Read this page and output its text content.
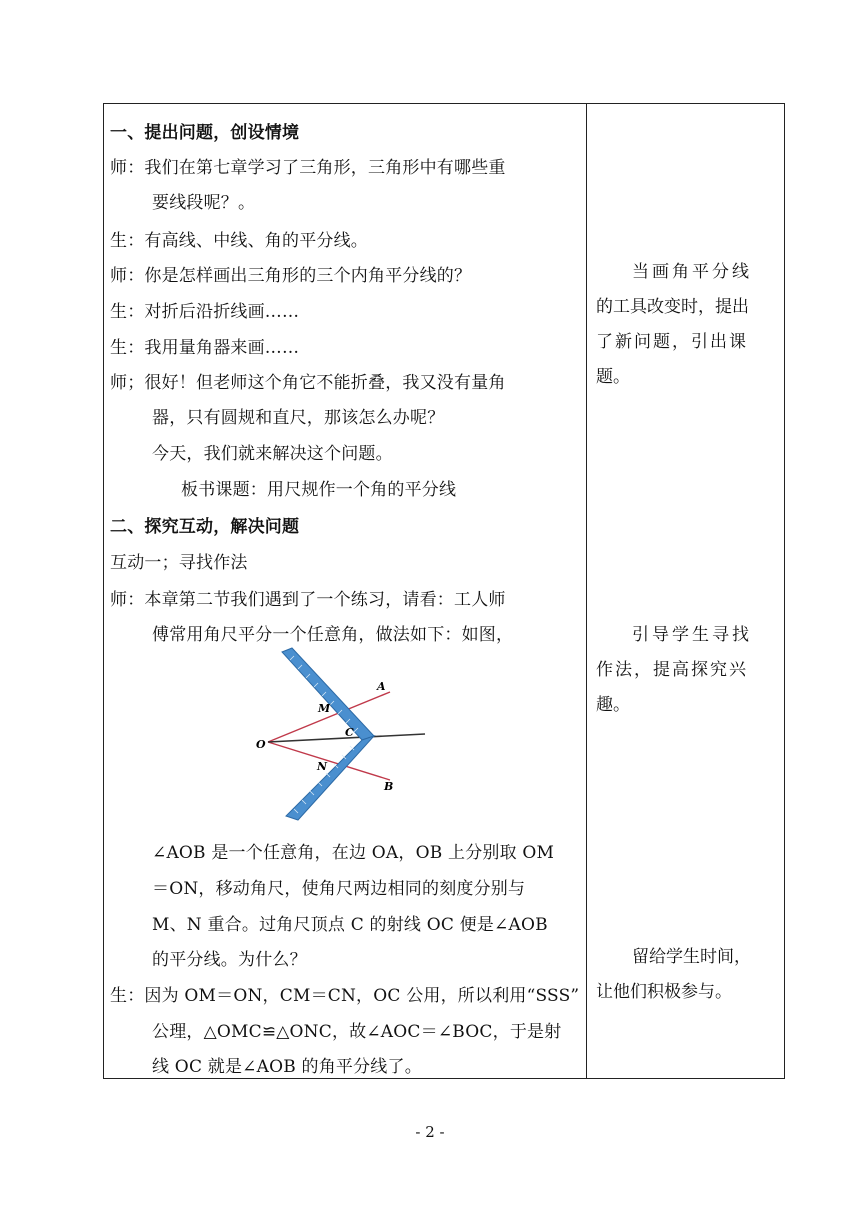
一、提出问题，创设情境
师：我们在第七章学习了三角形，三角形中有哪些重
要线段呢？。
生：有高线、中线、角的平分线。
师：你是怎样画出三角形的三个内角平分线的？
生：对折后沿折线画……
生：我用量角器来画……
师；很好！但老师这个角它不能折叠，我又没有量角
器，只有圆规和直尺，那该怎么办呢？
今天，我们就来解决这个问题。
板书课题：用尺规作一个角的平分线
二、探究互动，解决问题
互动一；寻找作法
师：本章第二节我们遇到了一个练习，请看：工人师
傅常用角尺平分一个任意角，做法如下：如图，
A
B
M
N
C
O
∠AOB 是一个任意角，在边 OA，OB 上分别取 OM
＝ON，移动角尺，使角尺两边相同的刻度分别与
M、N 重合。过角尺顶点 C 的射线 OC 便是∠AOB
的平分线。为什么？
生：因为 OM＝ON，CM＝CN，OC 公用，所以利用“SSS”
公理，△OMC≌△ONC，故∠AOC＝∠BOC，于是射
线 OC 就是∠AOB 的角平分线了。

当画角平分线

的工具改变时，提出

了新问题，引出课

题。

引导学生寻找

作法，提高探究兴

趣。

留给学生时间，

让他们积极参与。

- 2 -
